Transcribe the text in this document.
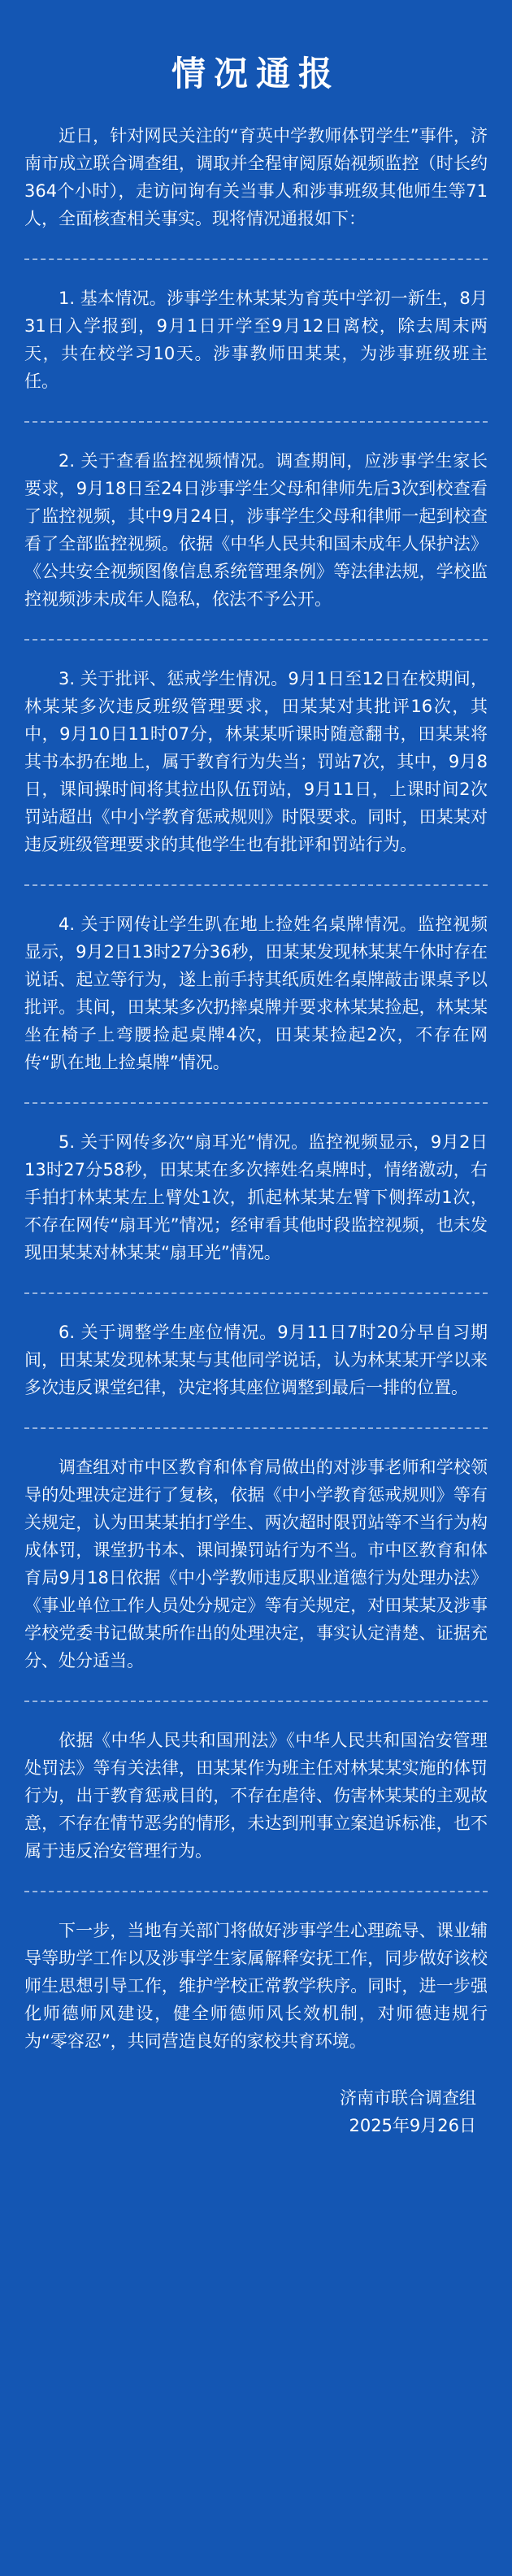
情况通报

近日，针对网民关注的“育英中学教师体罚学生”事件，济南市成立联合调查组，调取并全程审阅原始视频监控（时长约364个小时），走访问询有关当事人和涉事班级其他师生等71人，全面核查相关事实。现将情况通报如下：

1. 基本情况。涉事学生林某某为育英中学初一新生，8月31日入学报到，9月1日开学至9月12日离校，除去周末两天，共在校学习10天。涉事教师田某某，为涉事班级班主任。

2. 关于查看监控视频情况。调查期间，应涉事学生家长要求，9月18日至24日涉事学生父母和律师先后3次到校查看了监控视频，其中9月24日，涉事学生父母和律师一起到校查看了全部监控视频。依据《中华人民共和国未成年人保护法》《公共安全视频图像信息系统管理条例》等法律法规，学校监控视频涉未成年人隐私，依法不予公开。

3. 关于批评、惩戒学生情况。9月1日至12日在校期间，林某某多次违反班级管理要求，田某某对其批评16次，其中，9月10日11时07分，林某某听课时随意翻书，田某某将其书本扔在地上，属于教育行为失当；罚站7次，其中，9月8日，课间操时间将其拉出队伍罚站，9月11日，上课时间2次罚站超出《中小学教育惩戒规则》时限要求。同时，田某某对违反班级管理要求的其他学生也有批评和罚站行为。

4. 关于网传让学生趴在地上捡姓名桌牌情况。监控视频显示，9月2日13时27分36秒，田某某发现林某某午休时存在说话、起立等行为，遂上前手持其纸质姓名桌牌敲击课桌予以批评。其间，田某某多次扔摔桌牌并要求林某某捡起，林某某坐在椅子上弯腰捡起桌牌4次，田某某捡起2次，不存在网传“趴在地上捡桌牌”情况。

5. 关于网传多次“扇耳光”情况。监控视频显示，9月2日13时27分58秒，田某某在多次摔姓名桌牌时，情绪激动，右手拍打林某某左上臂处1次，抓起林某某左臂下侧挥动1次，不存在网传“扇耳光”情况；经审看其他时段监控视频，也未发现田某某对林某某“扇耳光”情况。

6. 关于调整学生座位情况。9月11日7时20分早自习期间，田某某发现林某某与其他同学说话，认为林某某开学以来多次违反课堂纪律，决定将其座位调整到最后一排的位置。

调查组对市中区教育和体育局做出的对涉事老师和学校领导的处理决定进行了复核，依据《中小学教育惩戒规则》等有关规定，认为田某某拍打学生、两次超时限罚站等不当行为构成体罚，课堂扔书本、课间操罚站行为不当。市中区教育和体育局9月18日依据《中小学教师违反职业道德行为处理办法》《事业单位工作人员处分规定》等有关规定，对田某某及涉事学校党委书记做某所作出的处理决定，事实认定清楚、证据充分、处分适当。

依据《中华人民共和国刑法》《中华人民共和国治安管理处罚法》等有关法律，田某某作为班主任对林某某实施的体罚行为，出于教育惩戒目的，不存在虐待、伤害林某某的主观故意，不存在情节恶劣的情形，未达到刑事立案追诉标准，也不属于违反治安管理行为。

下一步，当地有关部门将做好涉事学生心理疏导、课业辅导等助学工作以及涉事学生家属解释安抚工作，同步做好该校师生思想引导工作，维护学校正常教学秩序。同时，进一步强化师德师风建设，健全师德师风长效机制，对师德违规行为“零容忍”，共同营造良好的家校共育环境。

济南市联合调查组
2025年9月26日
